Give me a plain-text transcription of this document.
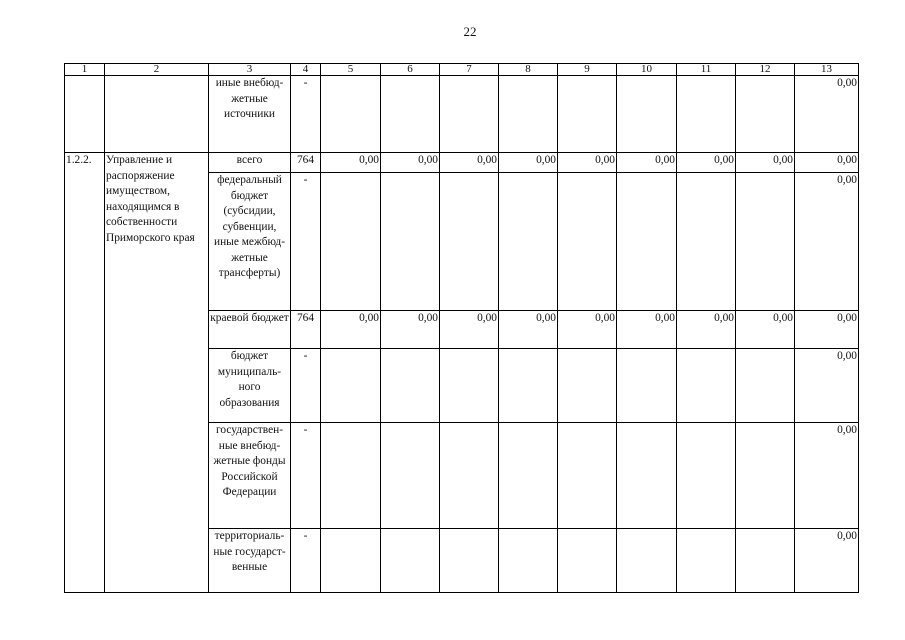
22
1	2	3	4	5	6	7	8	9	10	11	12	13
		иные внебюд-жетные источники	-									0,00
1.2.2.	Управление и распоряжение имуществом, находящимся в собственности Приморского края	всего	764	0,00	0,00	0,00	0,00	0,00	0,00	0,00	0,00	0,00
		федеральный бюджет (субсидии, субвенции, иные межбюд-жетные трансферты)	-									0,00
		краевой бюджет	764	0,00	0,00	0,00	0,00	0,00	0,00	0,00	0,00	0,00
		бюджет муниципаль-ного образования	-									0,00
		государствен-ные внебюд-жетные фонды Российской Федерации	-									0,00
		территориаль-ные государст-венные	-									0,00
